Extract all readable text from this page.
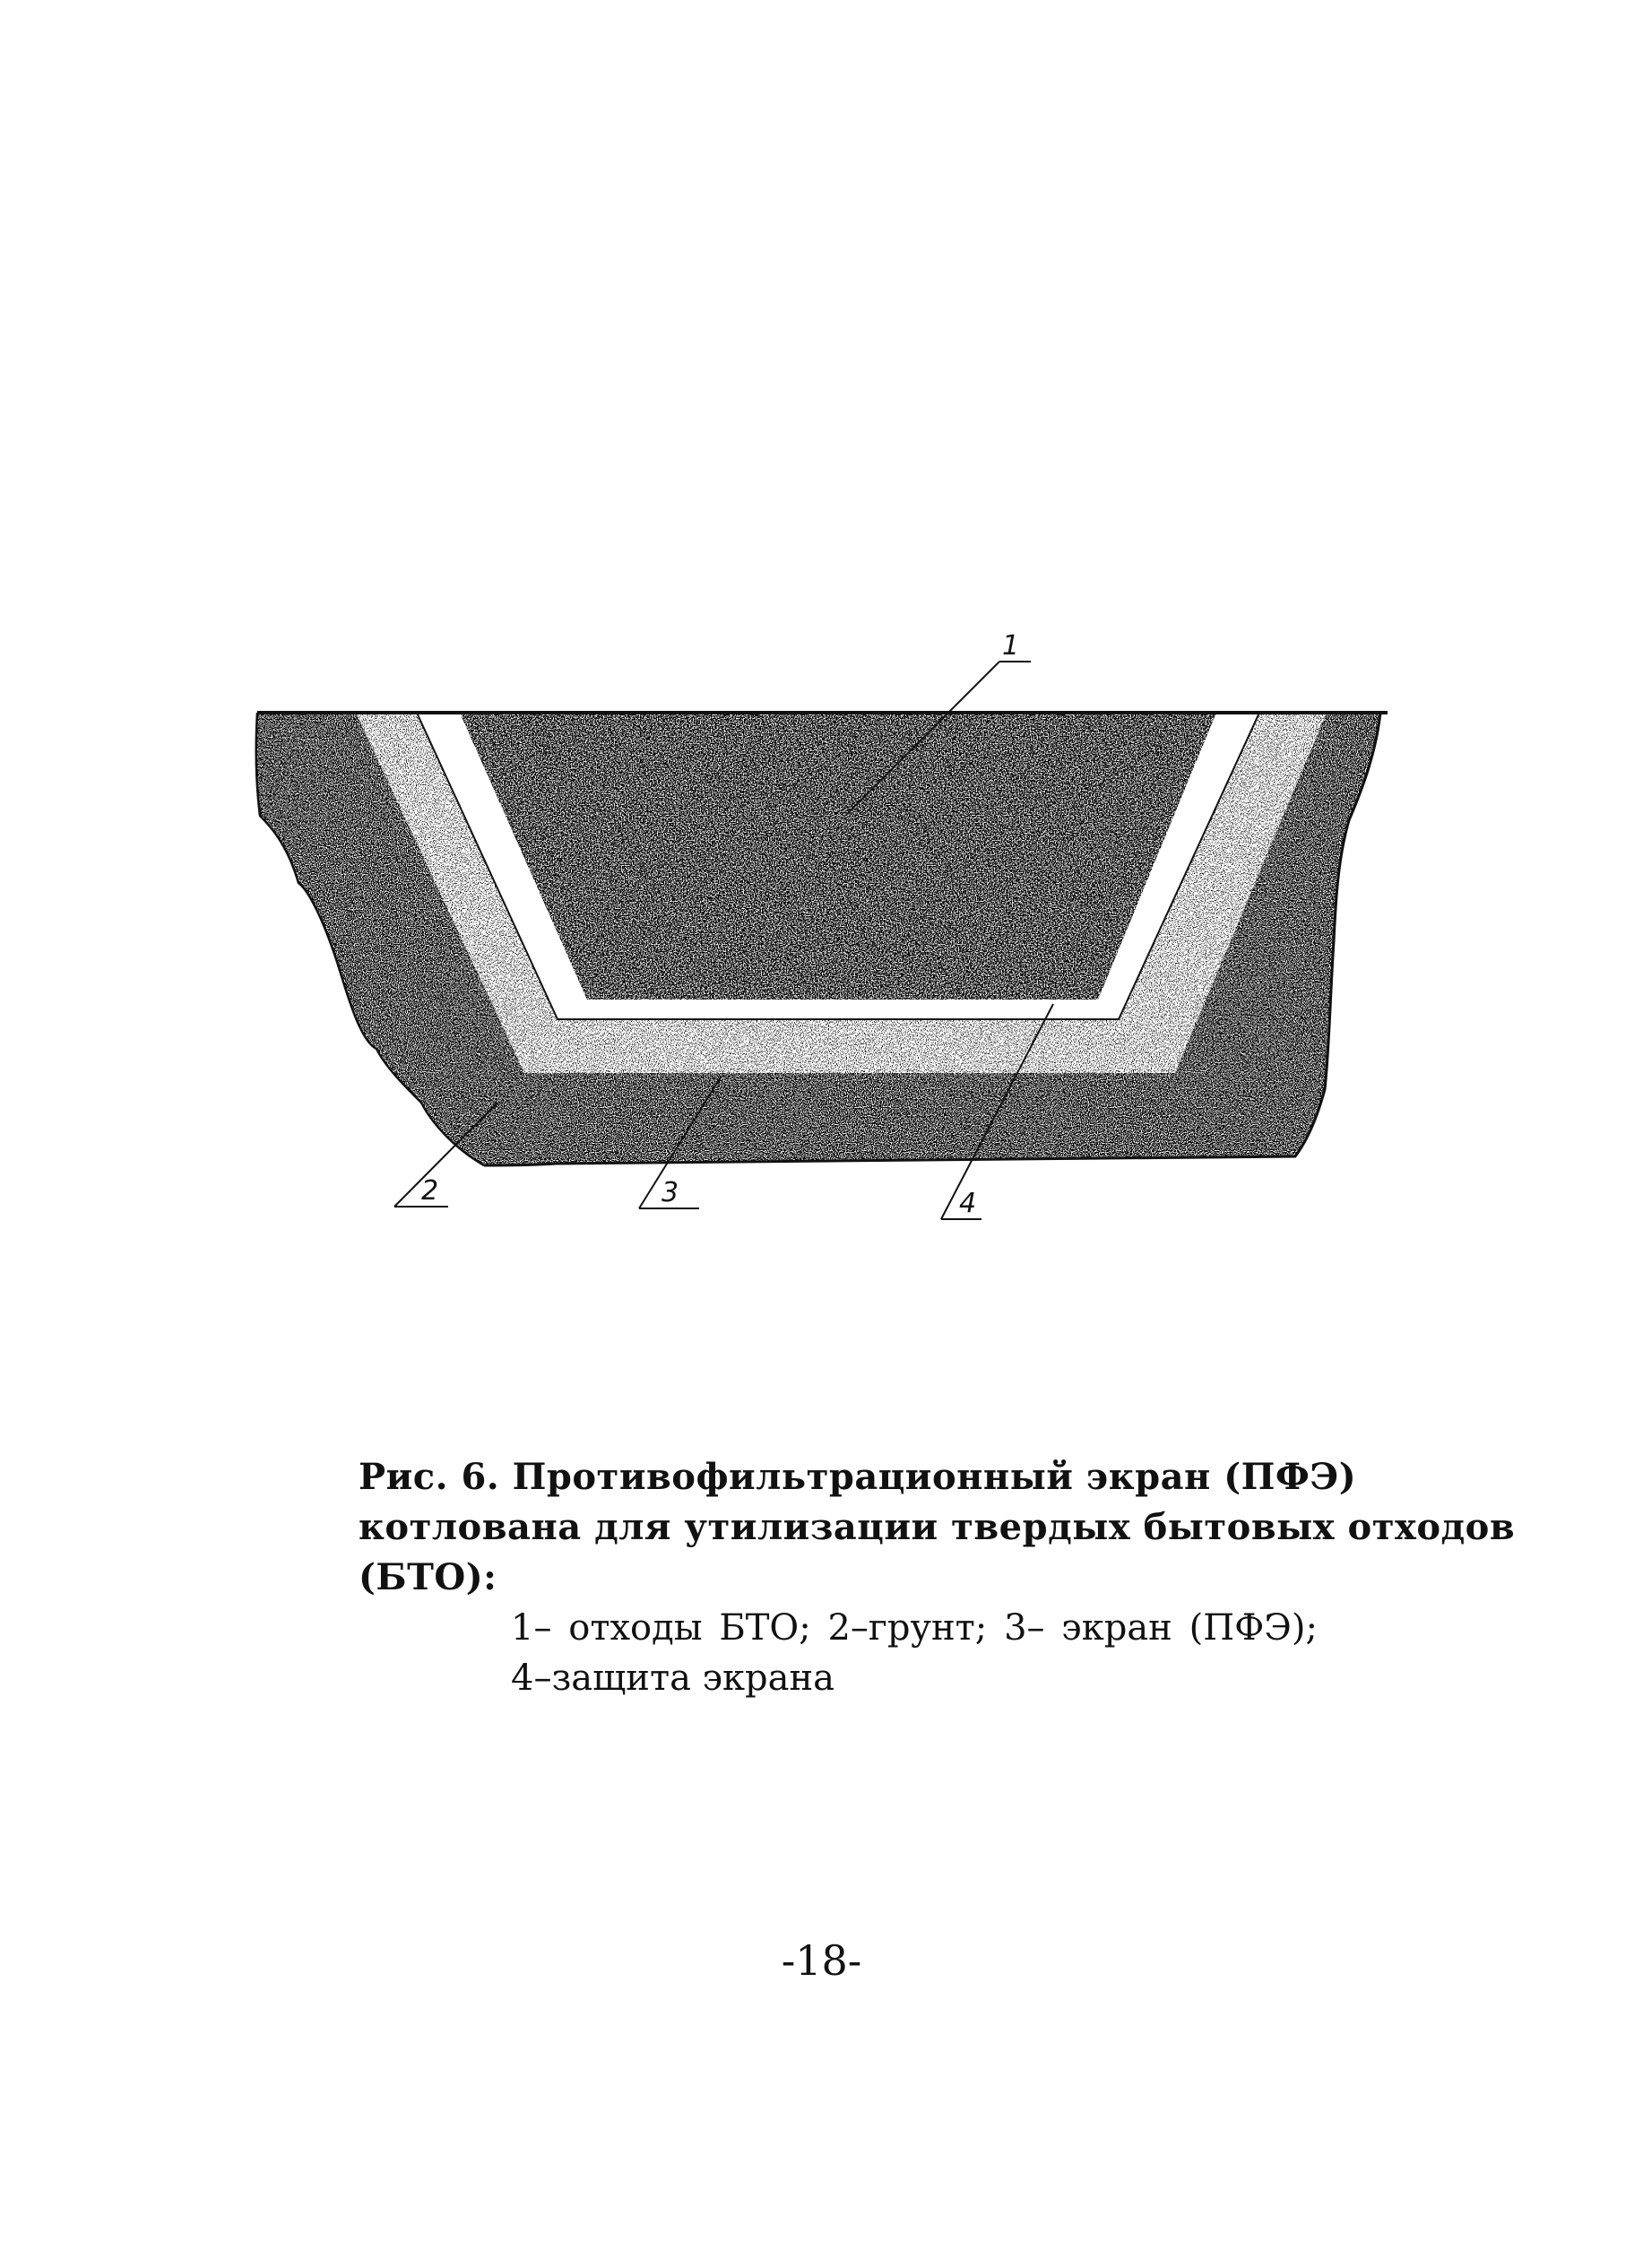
1
2	3	4
Рис. 6. Противофильтрационный экран (ПФЭ)
котлована для утилизации твердых бытовых отходов
(БТО):
1– отходы БТО; 2–грунт; 3– экран (ПФЭ);
4–защита экрана
-18-
